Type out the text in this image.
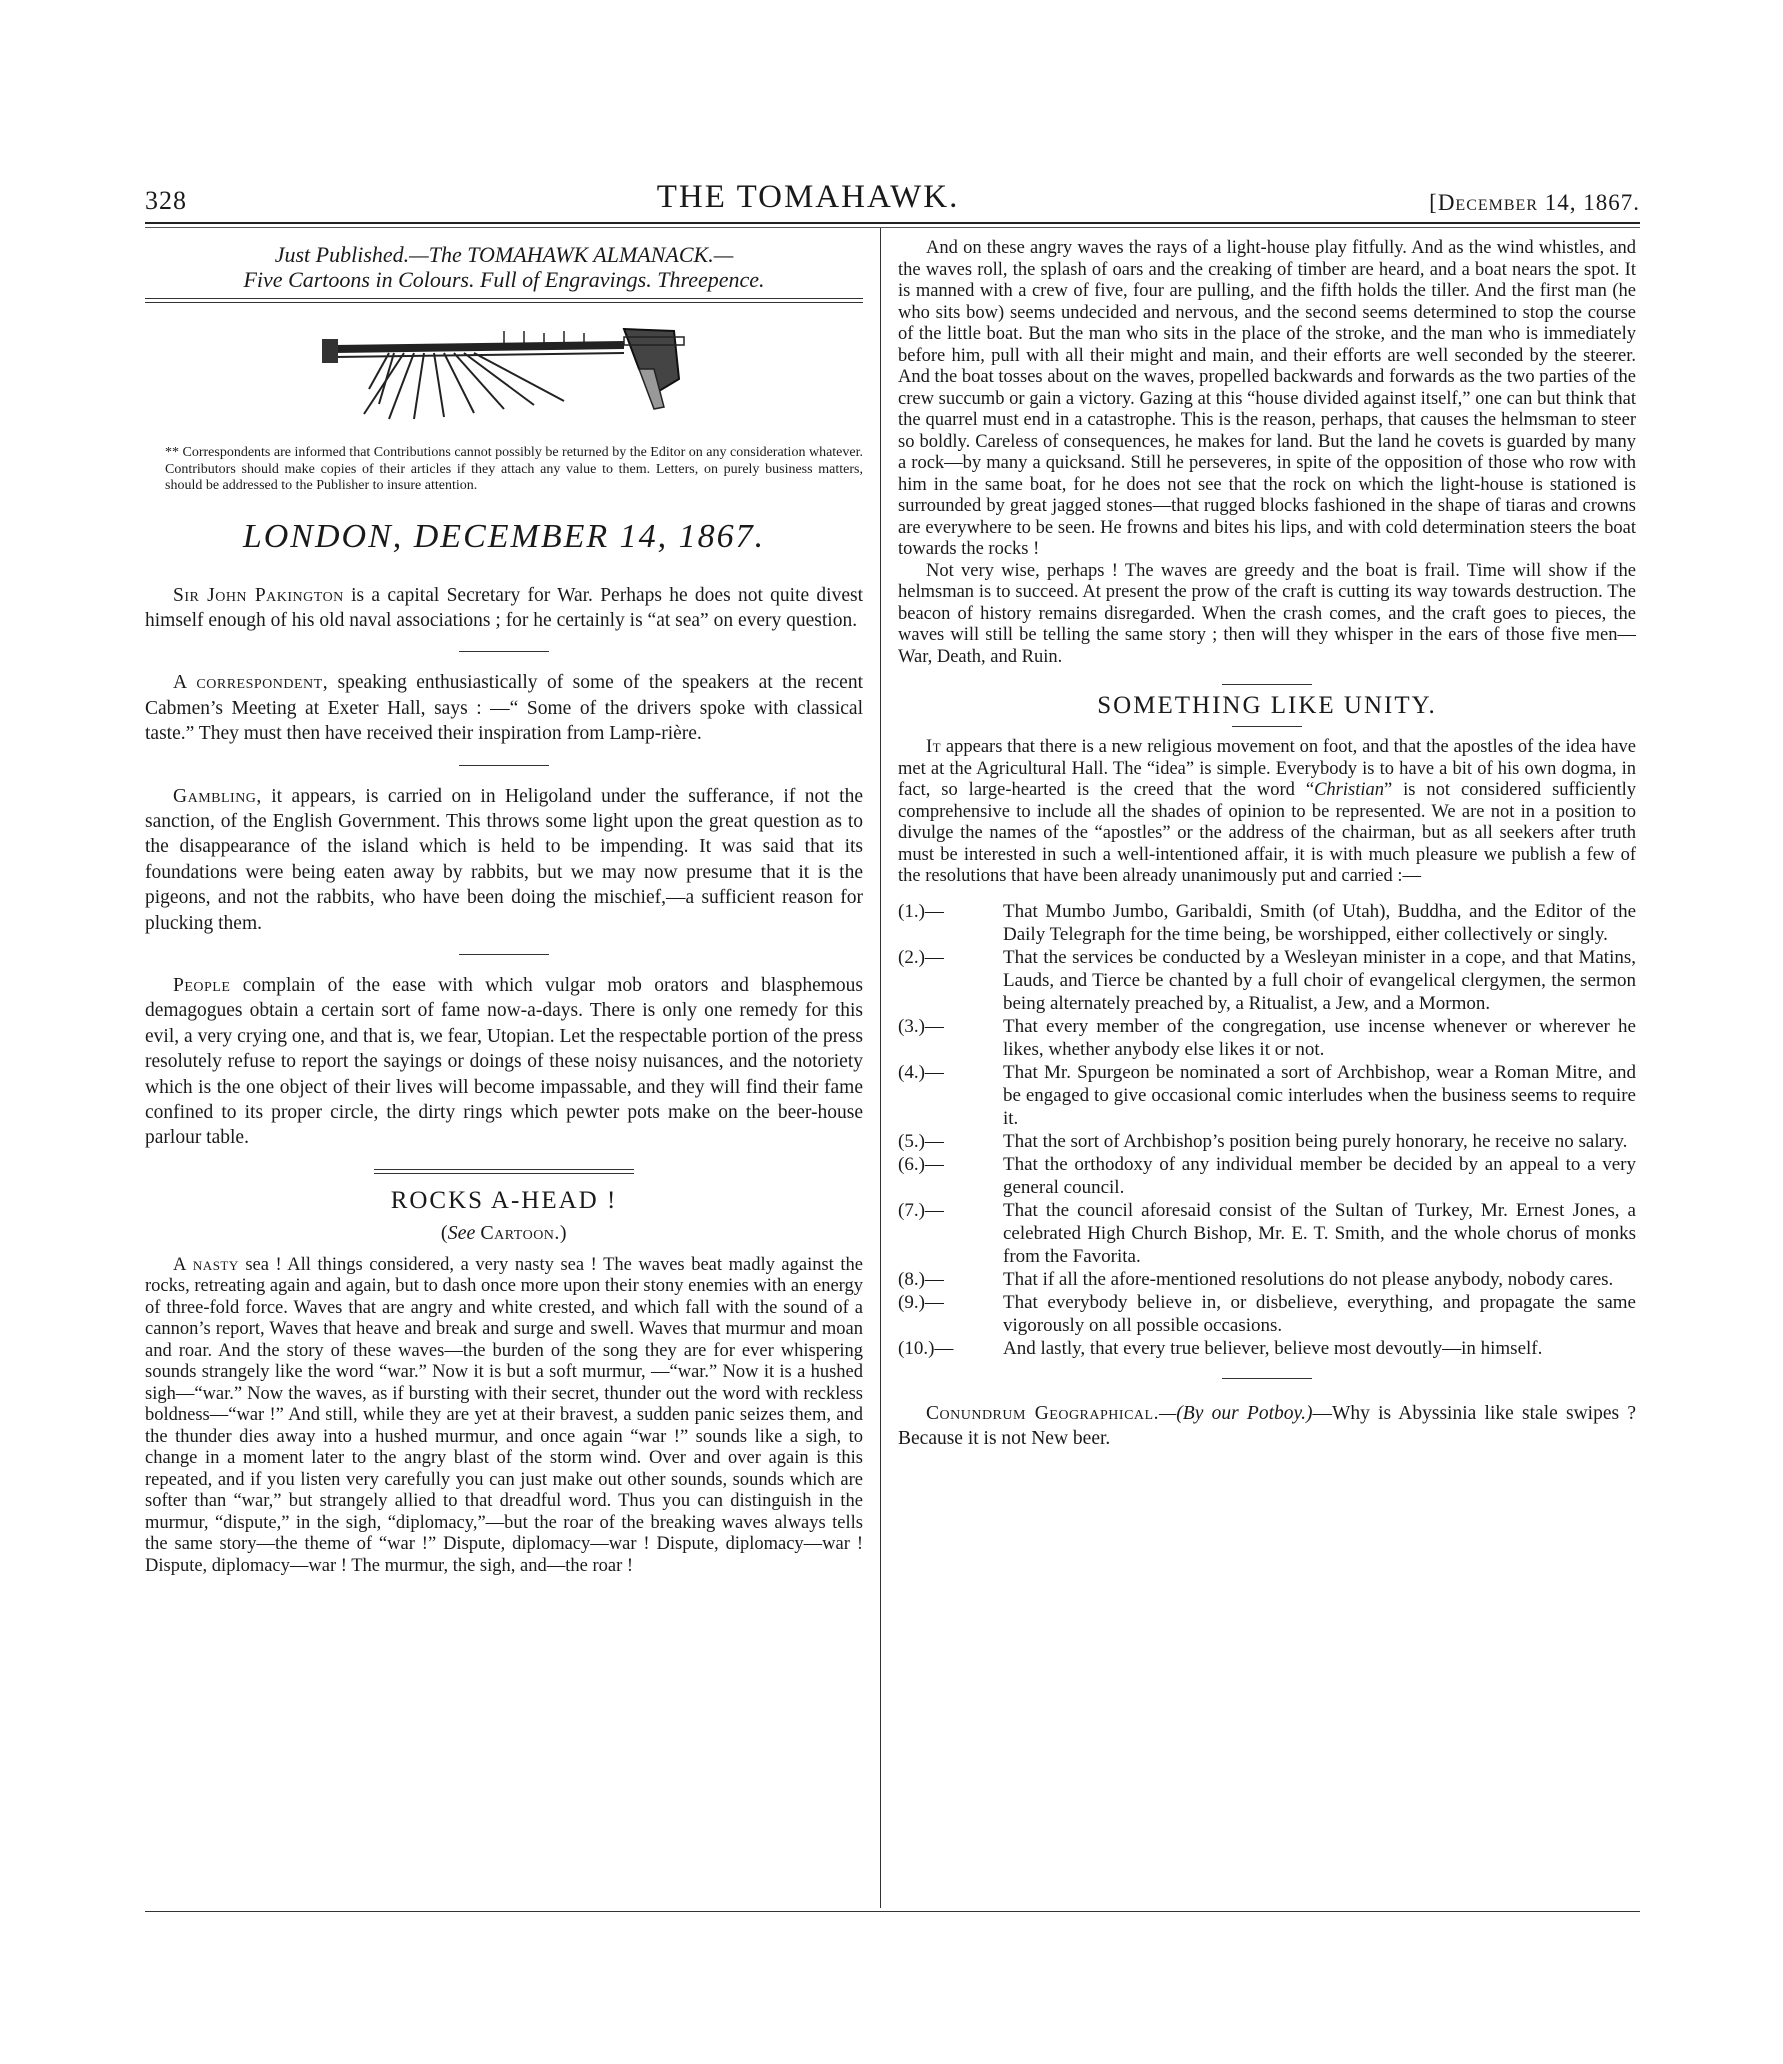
328	THE TOMAHAWK.	[December 14, 1867.
Just Published.—The TOMAHAWK ALMANACK.—
Five Cartoons in Colours. Full of Engravings. Threepence.

** Correspondents are informed that Contributions cannot possibly be returned by the Editor on any consideration whatever. Contributors should make copies of their articles if they attach any value to them. Letters, on purely business matters, should be addressed to the Publisher to insure attention.

LONDON, DECEMBER 14, 1867.

Sir John Pakington is a capital Secretary for War. Perhaps he does not quite divest himself enough of his old naval associations ; for he certainly is “at sea” on every question.

A correspondent, speaking enthusiastically of some of the speakers at the recent Cabmen’s Meeting at Exeter Hall, says : —“ Some of the drivers spoke with classical taste.” They must then have received their inspiration from Lamp-rière.

Gambling, it appears, is carried on in Heligoland under the sufferance, if not the sanction, of the English Government. This throws some light upon the great question as to the disappearance of the island which is held to be impending. It was said that its foundations were being eaten away by rabbits, but we may now presume that it is the pigeons, and not the rabbits, who have been doing the mischief,—a sufficient reason for plucking them.

People complain of the ease with which vulgar mob orators and blasphemous demagogues obtain a certain sort of fame now-a-days. There is only one remedy for this evil, a very crying one, and that is, we fear, Utopian. Let the respectable portion of the press resolutely refuse to report the sayings or doings of these noisy nuisances, and the notoriety which is the one object of their lives will become impassable, and they will find their fame confined to its proper circle, the dirty rings which pewter pots make on the beer-house parlour table.

ROCKS A-HEAD !
(See Cartoon.)

A nasty sea ! All things considered, a very nasty sea ! The waves beat madly against the rocks, retreating again and again, but to dash once more upon their stony enemies with an energy of three-fold force. Waves that are angry and white crested, and which fall with the sound of a cannon’s report, Waves that heave and break and surge and swell. Waves that murmur and moan and roar. And the story of these waves—the burden of the song they are for ever whispering sounds strangely like the word “war.” Now it is but a soft murmur, —“war.” Now it is a hushed sigh—“war.” Now the waves, as if bursting with their secret, thunder out the word with reckless boldness—“war !” And still, while they are yet at their bravest, a sudden panic seizes them, and the thunder dies away into a hushed murmur, and once again “war !” sounds like a sigh, to change in a moment later to the angry blast of the storm wind. Over and over again is this repeated, and if you listen very carefully you can just make out other sounds, sounds which are softer than “war,” but strangely allied to that dreadful word. Thus you can distinguish in the murmur, “dispute,” in the sigh, “diplomacy,”—but the roar of the breaking waves always tells the same story—the theme of “war !” Dispute, diplomacy—war ! Dispute, diplomacy—war ! Dispute, diplomacy—war ! The murmur, the sigh, and—the roar !

And on these angry waves the rays of a light-house play fitfully. And as the wind whistles, and the waves roll, the splash of oars and the creaking of timber are heard, and a boat nears the spot. It is manned with a crew of five, four are pulling, and the fifth holds the tiller. And the first man (he who sits bow) seems undecided and nervous, and the second seems determined to stop the course of the little boat. But the man who sits in the place of the stroke, and the man who is immediately before him, pull with all their might and main, and their efforts are well seconded by the steerer. And the boat tosses about on the waves, propelled backwards and forwards as the two parties of the crew succumb or gain a victory. Gazing at this “house divided against itself,” one can but think that the quarrel must end in a catastrophe. This is the reason, perhaps, that causes the helmsman to steer so boldly. Careless of consequences, he makes for land. But the land he covets is guarded by many a rock—by many a quicksand. Still he perseveres, in spite of the opposition of those who row with him in the same boat, for he does not see that the rock on which the light-house is stationed is surrounded by great jagged stones—that rugged blocks fashioned in the shape of tiaras and crowns are everywhere to be seen. He frowns and bites his lips, and with cold determination steers the boat towards the rocks !

Not very wise, perhaps ! The waves are greedy and the boat is frail. Time will show if the helmsman is to succeed. At present the prow of the craft is cutting its way towards destruction. The beacon of history remains disregarded. When the crash comes, and the craft goes to pieces, the waves will still be telling the same story ; then will they whisper in the ears of those five men—War, Death, and Ruin.

SOMETHING LIKE UNITY.

It appears that there is a new religious movement on foot, and that the apostles of the idea have met at the Agricultural Hall. The “idea” is simple. Everybody is to have a bit of his own dogma, in fact, so large-hearted is the creed that the word “Christian” is not considered sufficiently comprehensive to include all the shades of opinion to be represented. We are not in a position to divulge the names of the “apostles” or the address of the chairman, but as all seekers after truth must be interested in such a well-intentioned affair, it is with much pleasure we publish a few of the resolutions that have been already unanimously put and carried :—

(1.)—	That Mumbo Jumbo, Garibaldi, Smith (of Utah), Buddha, and the Editor of the Daily Telegraph for the time being, be worshipped, either collectively or singly.

(2.)—	That the services be conducted by a Wesleyan minister in a cope, and that Matins, Lauds, and Tierce be chanted by a full choir of evangelical clergymen, the sermon being alternately preached by, a Ritualist, a Jew, and a Mormon.

(3.)—	That every member of the congregation, use incense whenever or wherever he likes, whether anybody else likes it or not.

(4.)—	That Mr. Spurgeon be nominated a sort of Archbishop, wear a Roman Mitre, and be engaged to give occasional comic interludes when the business seems to require it.

(5.)—	That the sort of Archbishop’s position being purely honorary, he receive no salary.

(6.)—	That the orthodoxy of any individual member be decided by an appeal to a very general council.

(7.)—	That the council aforesaid consist of the Sultan of Turkey, Mr. Ernest Jones, a celebrated High Church Bishop, Mr. E. T. Smith, and the whole chorus of monks from the Favorita.

(8.)—	That if all the afore-mentioned resolutions do not please anybody, nobody cares.

(9.)—	That everybody believe in, or disbelieve, everything, and propagate the same vigorously on all possible occasions.

(10.)—	And lastly, that every true believer, believe most devoutly—in himself.

Conundrum Geographical.—(By our Potboy.)—Why is Abyssinia like stale swipes ? Because it is not New beer.
